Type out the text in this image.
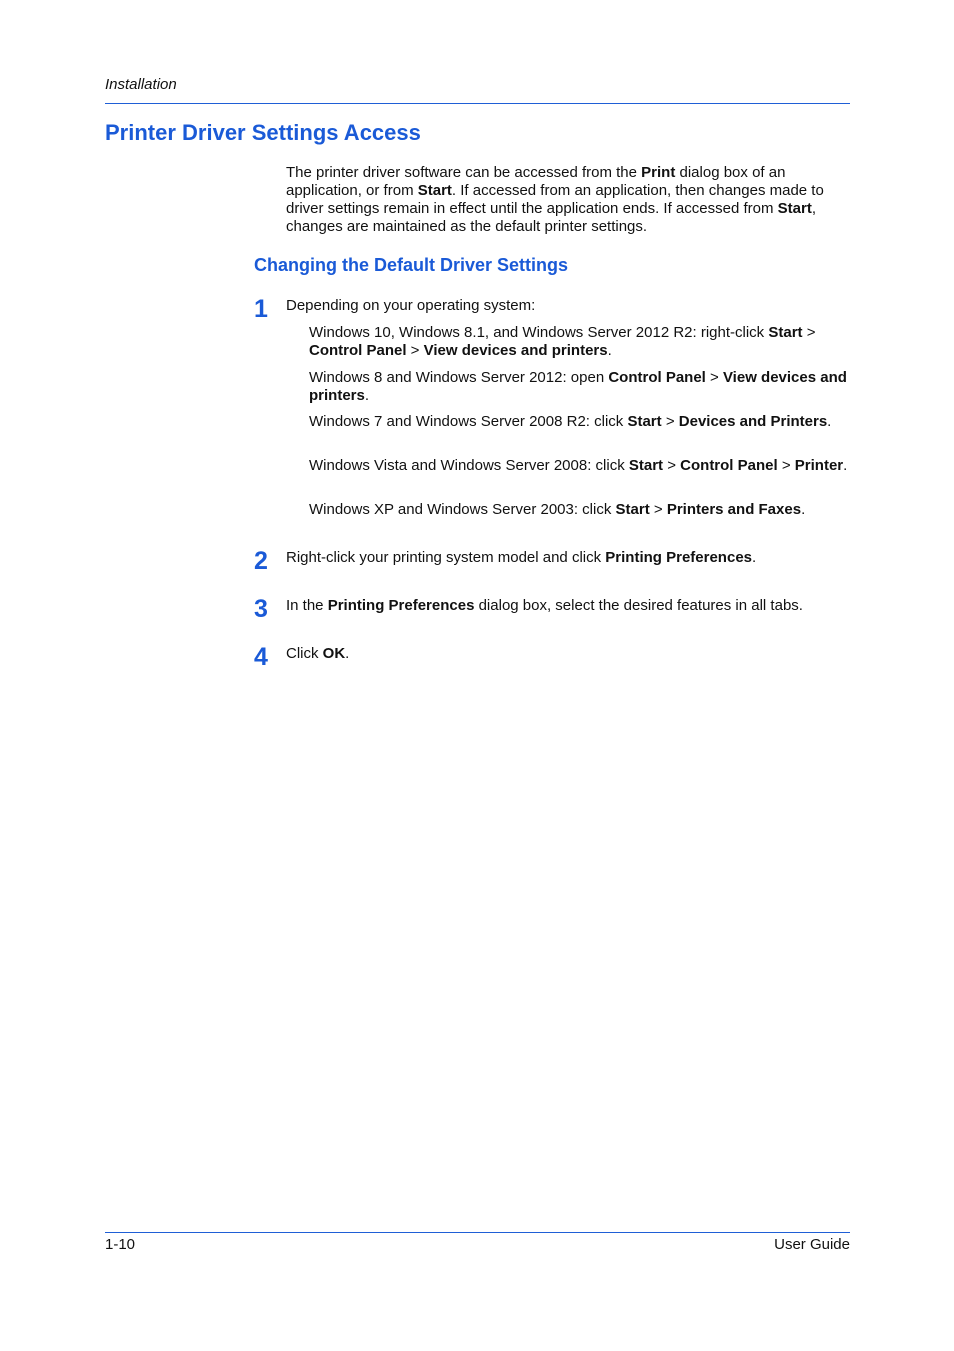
Installation
Printer Driver Settings Access

The printer driver software can be accessed from the Print dialog box of an application, or from Start. If accessed from an application, then changes made to driver settings remain in effect until the application ends. If accessed from Start, changes are maintained as the default printer settings.

Changing the Default Driver Settings
1 Depending on your operating system:

Windows 10, Windows 8.1, and Windows Server 2012 R2: right-click Start > Control Panel > View devices and printers.

Windows 8 and Windows Server 2012: open Control Panel > View devices and printers.

Windows 7 and Windows Server 2008 R2: click Start > Devices and Printers.

Windows Vista and Windows Server 2008: click Start > Control Panel > Printer.

Windows XP and Windows Server 2003: click Start > Printers and Faxes.

2 Right-click your printing system model and click Printing Preferences.

3 In the Printing Preferences dialog box, select the desired features in all tabs.

4 Click OK.

1-10	User Guide
